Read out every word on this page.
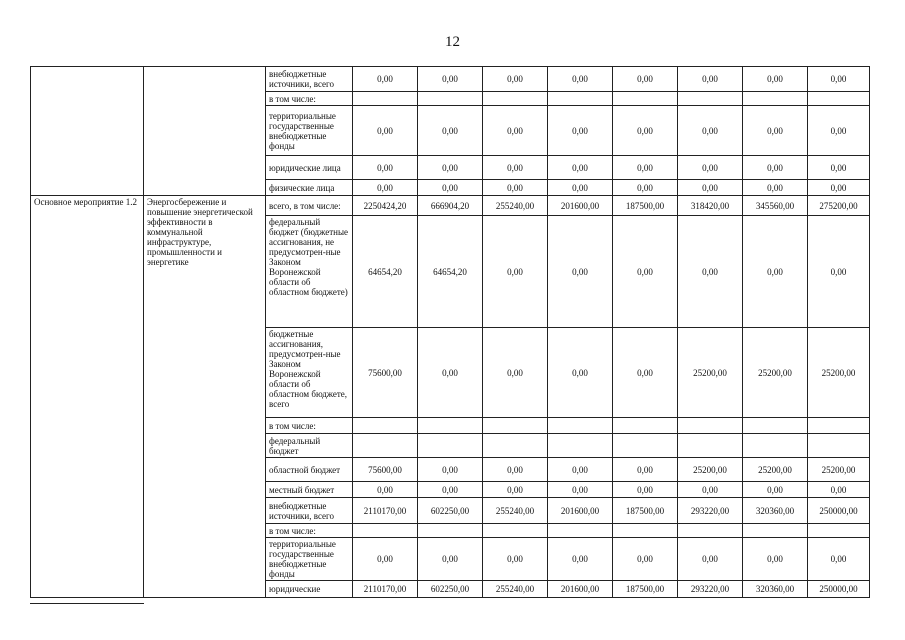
12
		внебюджетные источники, всего	0,00	0,00	0,00	0,00	0,00	0,00	0,00	0,00
		в том числе:								
		территориальные государственные внебюджетные фонды	0,00	0,00	0,00	0,00	0,00	0,00	0,00	0,00
		юридические лица	0,00	0,00	0,00	0,00	0,00	0,00	0,00	0,00
		физические лица	0,00	0,00	0,00	0,00	0,00	0,00	0,00	0,00
Основное мероприятие 1.2	Энергосбережение и повышение энергетической эффективности в коммунальной инфраструктуре, промышленности и энергетике	всего, в том числе:	2250424,20	666904,20	255240,00	201600,00	187500,00	318420,00	345560,00	275200,00
		федеральный бюджет (бюджетные ассигнования, не предусмотрен-ные Законом Воронежской области об областном бюджете)	64654,20	64654,20	0,00	0,00	0,00	0,00	0,00	0,00
		бюджетные ассигнования, предусмотрен-ные Законом Воронежской области об областном бюджете, всего	75600,00	0,00	0,00	0,00	0,00	25200,00	25200,00	25200,00
		в том числе:								
		федеральный бюджет								
		областной бюджет	75600,00	0,00	0,00	0,00	0,00	25200,00	25200,00	25200,00
		местный бюджет	0,00	0,00	0,00	0,00	0,00	0,00	0,00	0,00
		внебюджетные источники, всего	2110170,00	602250,00	255240,00	201600,00	187500,00	293220,00	320360,00	250000,00
		в том числе:								
		территориальные государственные внебюджетные фонды	0,00	0,00	0,00	0,00	0,00	0,00	0,00	0,00
		юридические	2110170,00	602250,00	255240,00	201600,00	187500,00	293220,00	320360,00	250000,00
